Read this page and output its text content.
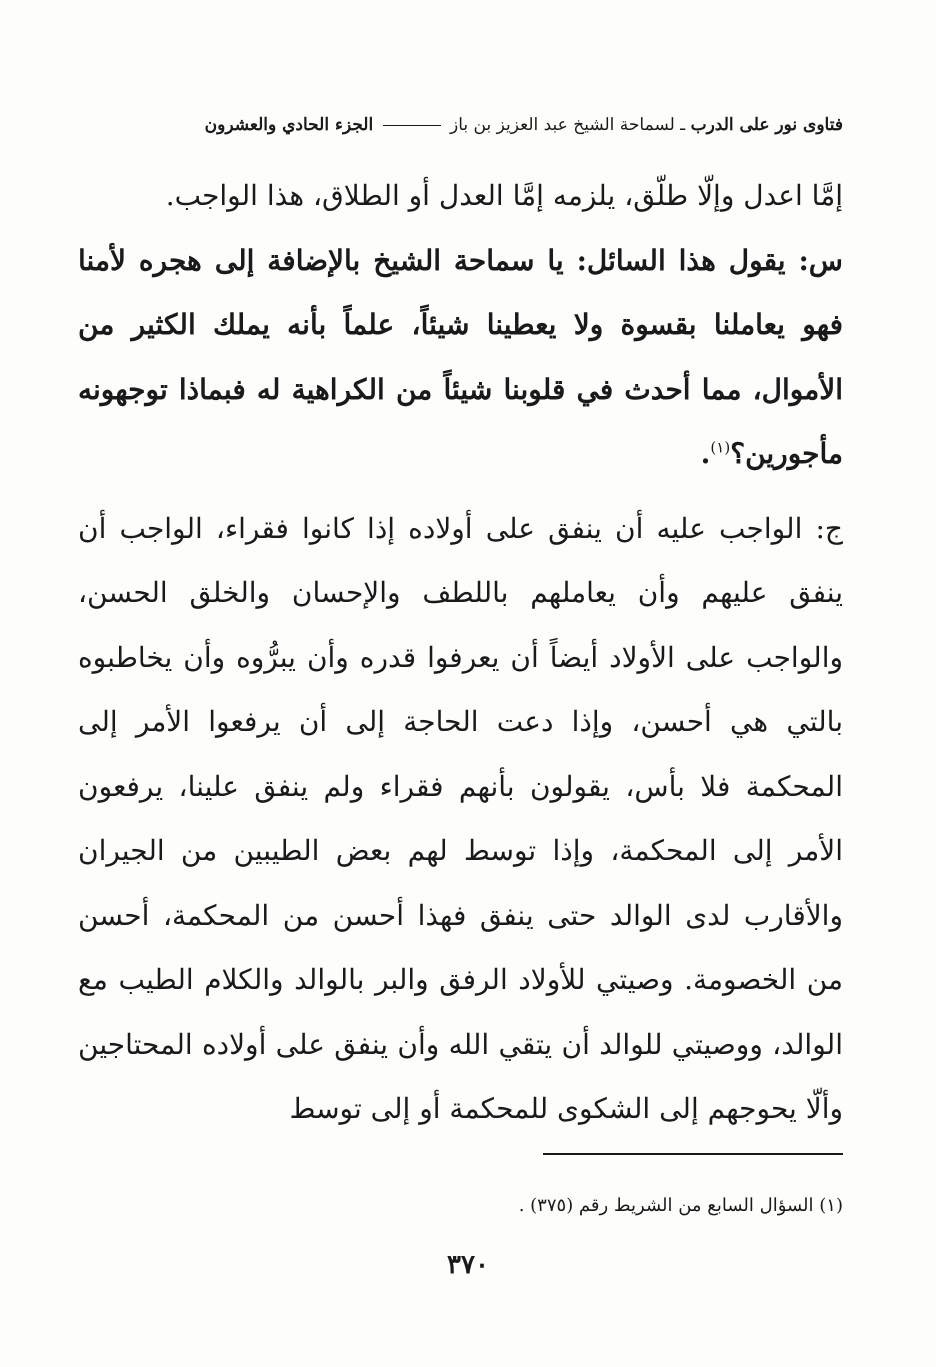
فتاوى نور على الدرب ـ لسماحة الشيخ عبد العزيز بن باز  الجزء الحادي والعشرون

إمَّا اعدل وإلّا طلّق، يلزمه إمَّا العدل أو الطلاق، هذا الواجب.

س: يقول هذا السائل: يا سماحة الشيخ بالإضافة إلى هجره لأمنا فهو يعاملنا بقسوة ولا يعطينا شيئاً، علماً بأنه يملك الكثير من الأموال، مما أحدث في قلوبنا شيئاً من الكراهية له فبماذا توجهونه مأجورين؟$^{(١)}$.

ج: الواجب عليه أن ينفق على أولاده إذا كانوا فقراء، الواجب أن ينفق عليهم وأن يعاملهم باللطف والإحسان والخلق الحسن، والواجب على الأولاد أيضاً أن يعرفوا قدره وأن يبرُّوه وأن يخاطبوه بالتي هي أحسن، وإذا دعت الحاجة إلى أن يرفعوا الأمر إلى المحكمة فلا بأس، يقولون بأنهم فقراء ولم ينفق علينا، يرفعون الأمر إلى المحكمة، وإذا توسط لهم بعض الطيبين من الجيران والأقارب لدى الوالد حتى ينفق فهذا أحسن من المحكمة، أحسن من الخصومة. وصيتي للأولاد الرفق والبر بالوالد والكلام الطيب مع الوالد، ووصيتي للوالد أن يتقي الله وأن ينفق على أولاده المحتاجين وألّا يحوجهم إلى الشكوى للمحكمة أو إلى توسط

(١) السؤال السابع من الشريط رقم (٣٧٥) .
٣٧٠
